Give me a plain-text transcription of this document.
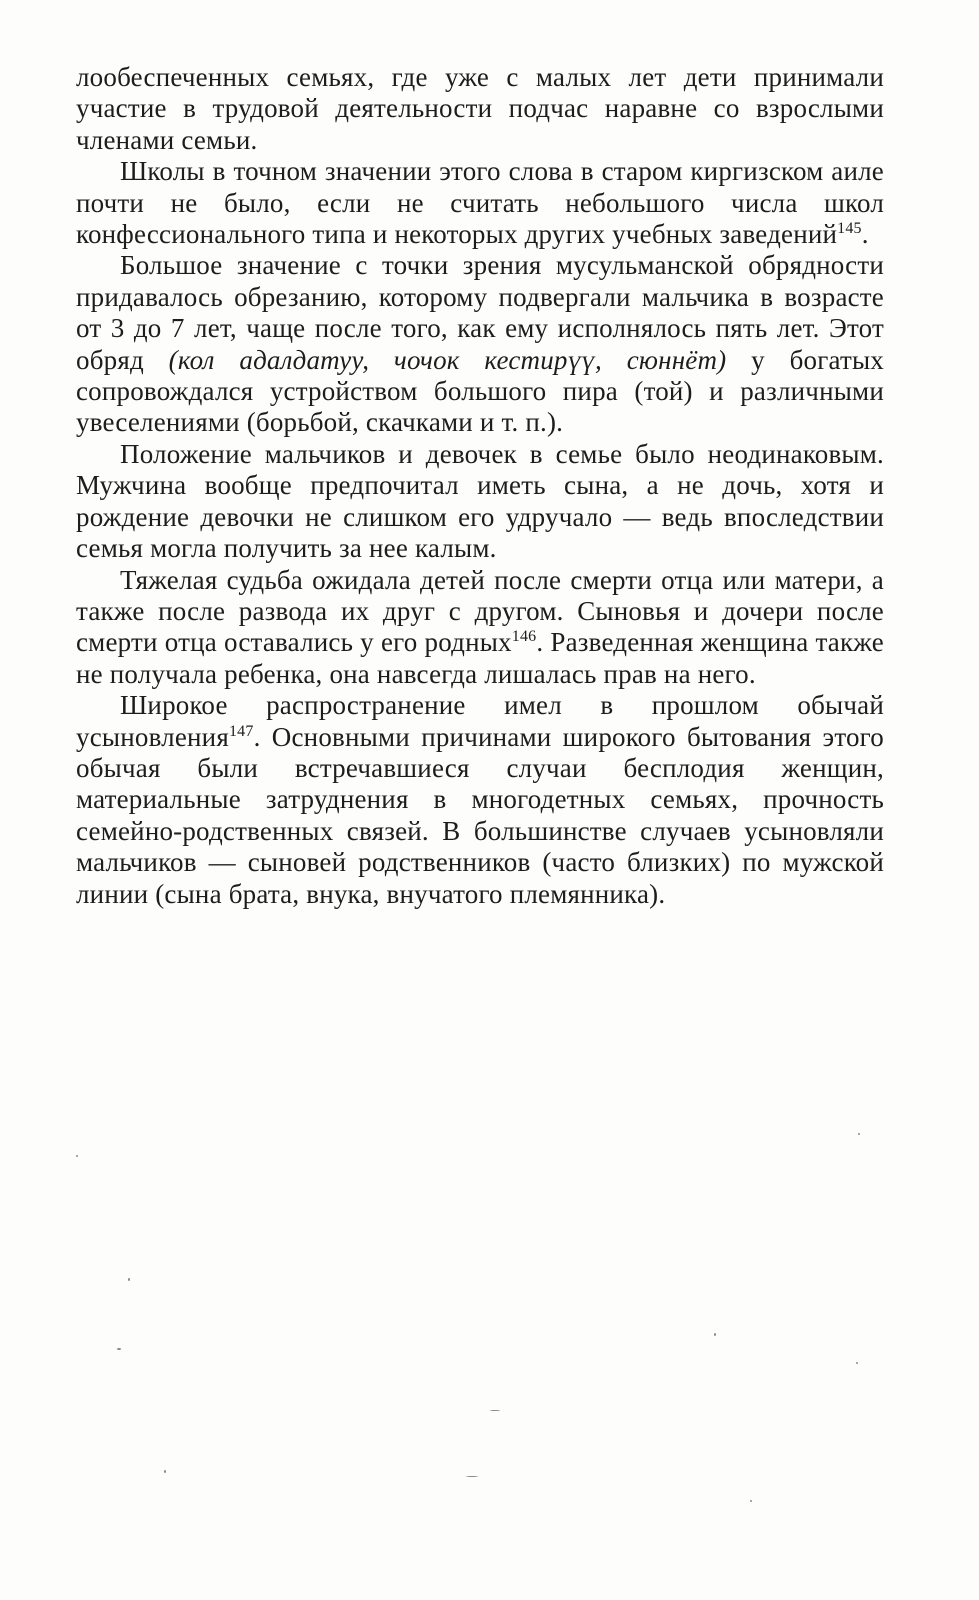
лообеспеченных семьях, где уже с малых лет дети принимали участие в трудовой деятельности подчас наравне со взрослыми членами семьи.

Школы в точном значении этого слова в старом киргизском аиле почти не было, если не считать небольшого числа школ конфессионального типа и некоторых других учебных заведений$^{145}$.

Большое значение с точки зрения мусульманской обрядности придавалось обрезанию, которому подвергали мальчика в возрасте от 3 до 7 лет, чаще после того, как ему исполнялось пять лет. Этот обряд (кол адалдатуу, чочок кестирүү, сюннёт) у богатых сопровождался устройством большого пира (той) и различными увеселениями (борьбой, скачками и т. п.).

Положение мальчиков и девочек в семье было неодинаковым. Мужчина вообще предпочитал иметь сына, а не дочь, хотя и рождение девочки не слишком его удручало — ведь впоследствии семья могла получить за нее калым.

Тяжелая судьба ожидала детей после смерти отца или матери, а также после развода их друг с другом. Сыновья и дочери после смерти отца оставались у его родных$^{146}$. Разведенная женщина также не получала ребенка, она навсегда лишалась прав на него.

Широкое распространение имел в прошлом обычай усыновления$^{147}$. Основными причинами широкого бытования этого обычая были встречавшиеся случаи бесплодия женщин, материальные затруднения в многодетных семьях, прочность семейно-родственных связей. В большинстве случаев усыновляли мальчиков — сыновей родственников (часто близких) по мужской линии (сына брата, внука, внучатого племянника).
